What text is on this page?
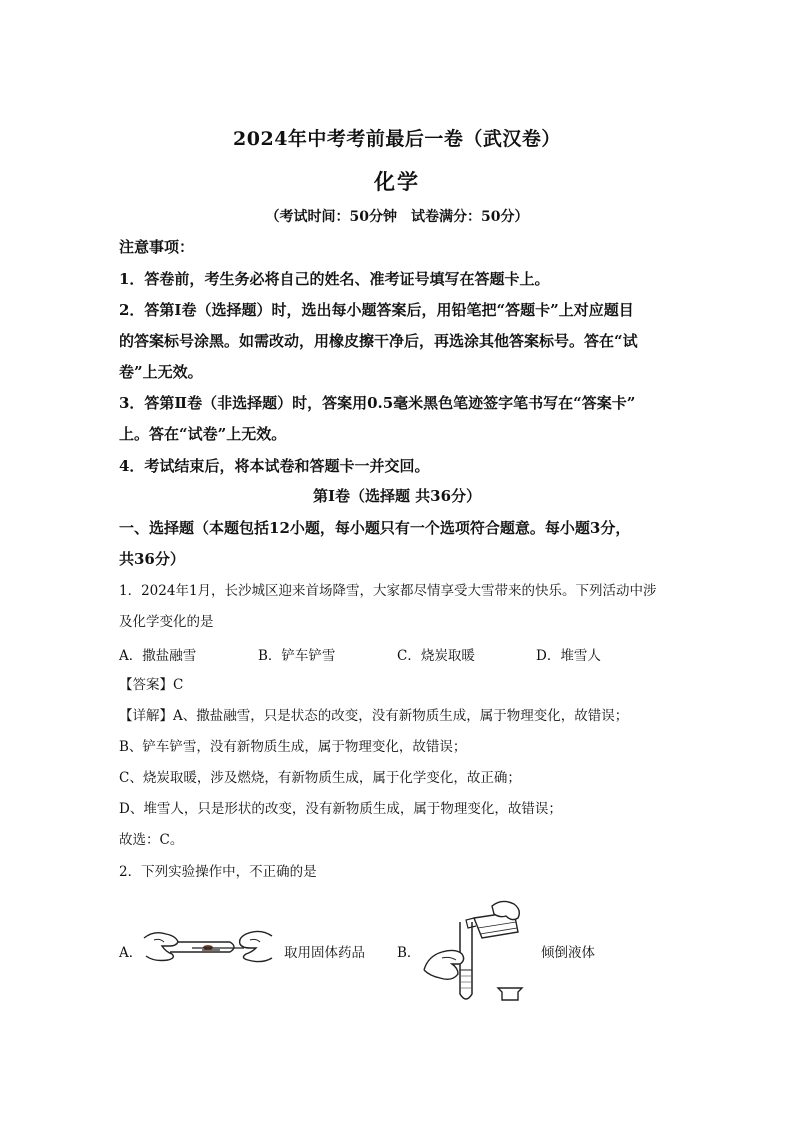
2024年中考考前最后一卷（武汉卷）
化学
（考试时间：50分钟　试卷满分：50分）
注意事项：
1．答卷前，考生务必将自己的姓名、准考证号填写在答题卡上。
2．答第Ⅰ卷（选择题）时，选出每小题答案后，用铅笔把“答题卡”上对应题目
的答案标号涂黑。如需改动，用橡皮擦干净后，再选涂其他答案标号。答在“试
卷”上无效。
3．答第Ⅱ卷（非选择题）时，答案用0.5毫米黑色笔迹签字笔书写在“答案卡”
上。答在“试卷”上无效。
4．考试结束后，将本试卷和答题卡一并交回。
第Ⅰ卷（选择题 共36分）
一、选择题（本题包括12小题，每小题只有一个选项符合题意。每小题3分，
共36分）
1．2024年1月，长沙城区迎来首场降雪，大家都尽情享受大雪带来的快乐。下列活动中涉
及化学变化的是
A．撒盐融雪	B．铲车铲雪	C．烧炭取暖	D．堆雪人
【答案】C
【详解】A、撒盐融雪，只是状态的改变，没有新物质生成，属于物理变化，故错误；
B、铲车铲雪，没有新物质生成，属于物理变化，故错误；
C、烧炭取暖，涉及燃烧，有新物质生成，属于化学变化，故正确；
D、堆雪人，只是形状的改变，没有新物质生成，属于物理变化，故错误；
故选：C。
2．下列实验操作中，不正确的是
A．	取用固体药品 B．	倾倒液体
